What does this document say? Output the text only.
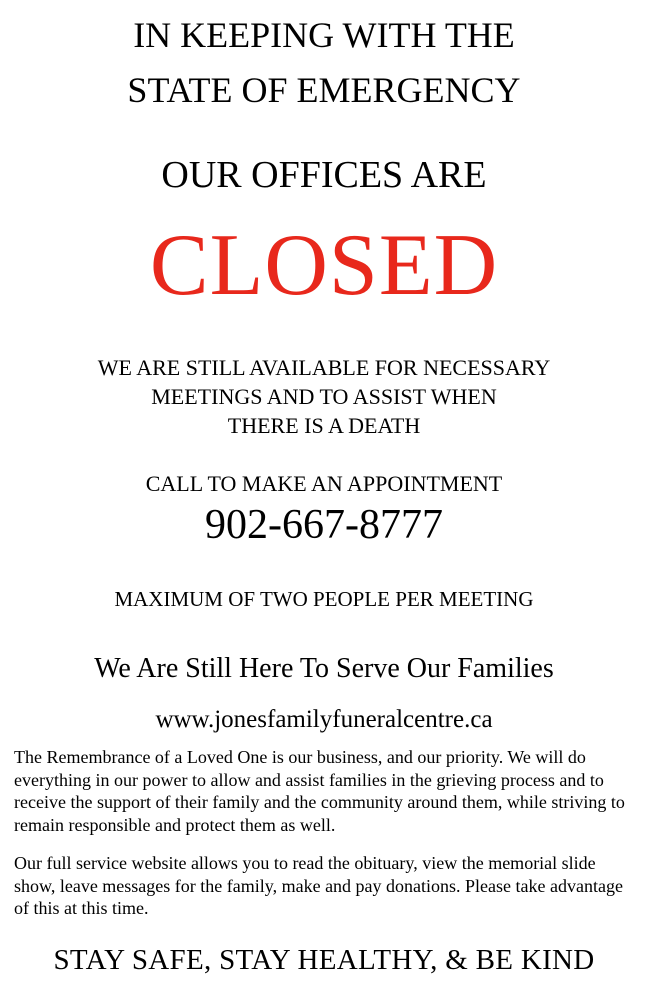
IN KEEPING WITH THE
STATE OF EMERGENCY
OUR OFFICES ARE
CLOSED
WE ARE STILL AVAILABLE FOR NECESSARY
MEETINGS AND TO ASSIST WHEN
THERE IS A DEATH
CALL TO MAKE AN APPOINTMENT
902-667-8777
MAXIMUM OF TWO PEOPLE PER MEETING
We Are Still Here To Serve Our Families
www.jonesfamilyfuneralcentre.ca
The Remembrance of a Loved One is our business, and our priority. We will do everything in our power to allow and assist families in the grieving process and to receive the support of their family and the community around them, while striving to remain responsible and protect them as well.
Our full service website allows you to read the obituary, view the memorial slide show, leave messages for the family, make and pay donations. Please take advantage of this at this time.
STAY SAFE, STAY HEALTHY, & BE KIND
